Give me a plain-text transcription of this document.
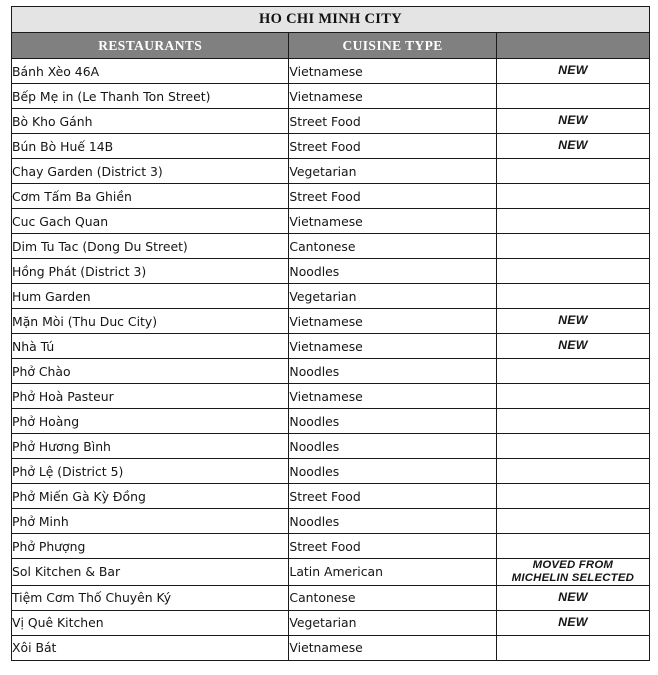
HO CHI MINH CITY		
RESTAURANTS	CUISINE TYPE	
Bánh Xèo 46A	Vietnamese	NEW
Bếp Mẹ in (Le Thanh Ton Street)	Vietnamese	
Bò Kho Gánh	Street Food	NEW
Bún Bò Huế 14B	Street Food	NEW
Chay Garden (District 3)	Vegetarian	
Cơm Tấm Ba Ghiền	Street Food	
Cuc Gach Quan	Vietnamese	
Dim Tu Tac (Dong Du Street)	Cantonese	
Hồng Phát (District 3)	Noodles	
Hum Garden	Vegetarian	
Mặn Mòi (Thu Duc City)	Vietnamese	NEW
Nhà Tú	Vietnamese	NEW
Phở Chào	Noodles	
Phở Hoà Pasteur	Vietnamese	
Phở Hoàng	Noodles	
Phở Hương Bình	Noodles	
Phở Lệ (District 5)	Noodles	
Phở Miến Gà Kỳ Đồng	Street Food	
Phở Minh	Noodles	
Phở Phượng	Street Food	
Sol Kitchen & Bar	Latin American	MOVED FROM
MICHELIN SELECTED

Tiệm Cơm Thố Chuyên Ký	Cantonese	NEW
Vị Quê Kitchen	Vegetarian	NEW
Xôi Bát	Vietnamese	
